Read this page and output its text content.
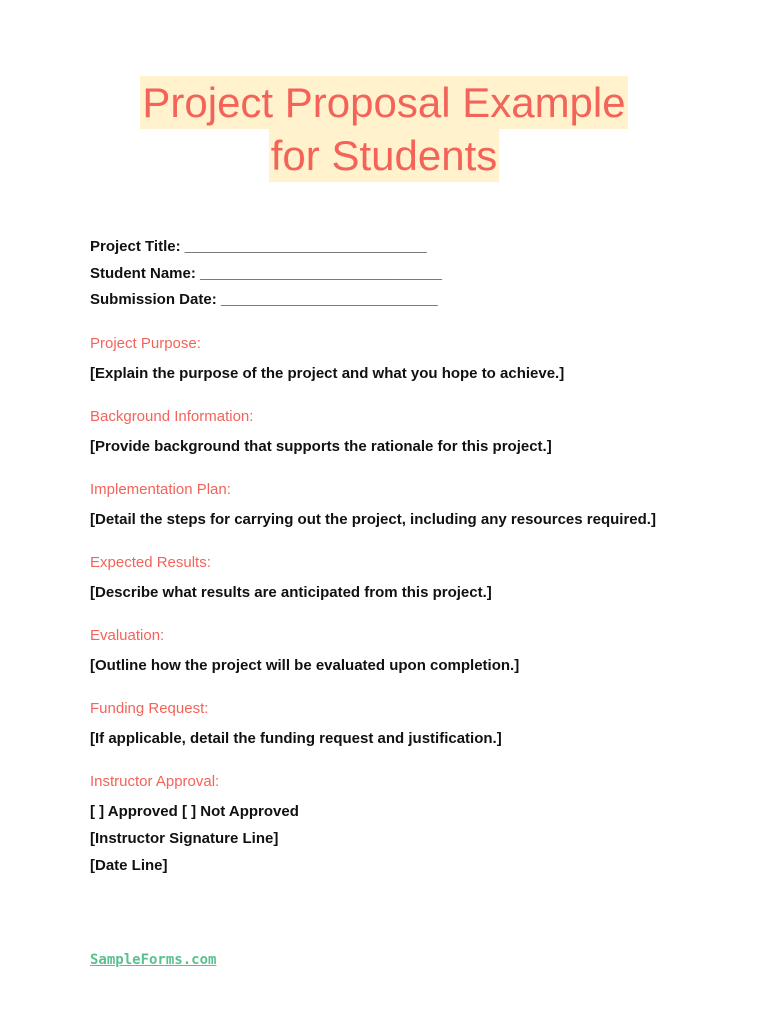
Project Proposal Example
for Students
Project Title: _____________________________
Student Name: _____________________________
Submission Date: __________________________
Project Purpose:
[Explain the purpose of the project and what you hope to achieve.]
Background Information:
[Provide background that supports the rationale for this project.]
Implementation Plan:
[Detail the steps for carrying out the project, including any resources required.]
Expected Results:
[Describe what results are anticipated from this project.]
Evaluation:
[Outline how the project will be evaluated upon completion.]
Funding Request:
[If applicable, detail the funding request and justification.]
Instructor Approval:
[ ] Approved [ ] Not Approved
[Instructor Signature Line]
[Date Line]
SampleForms.com
